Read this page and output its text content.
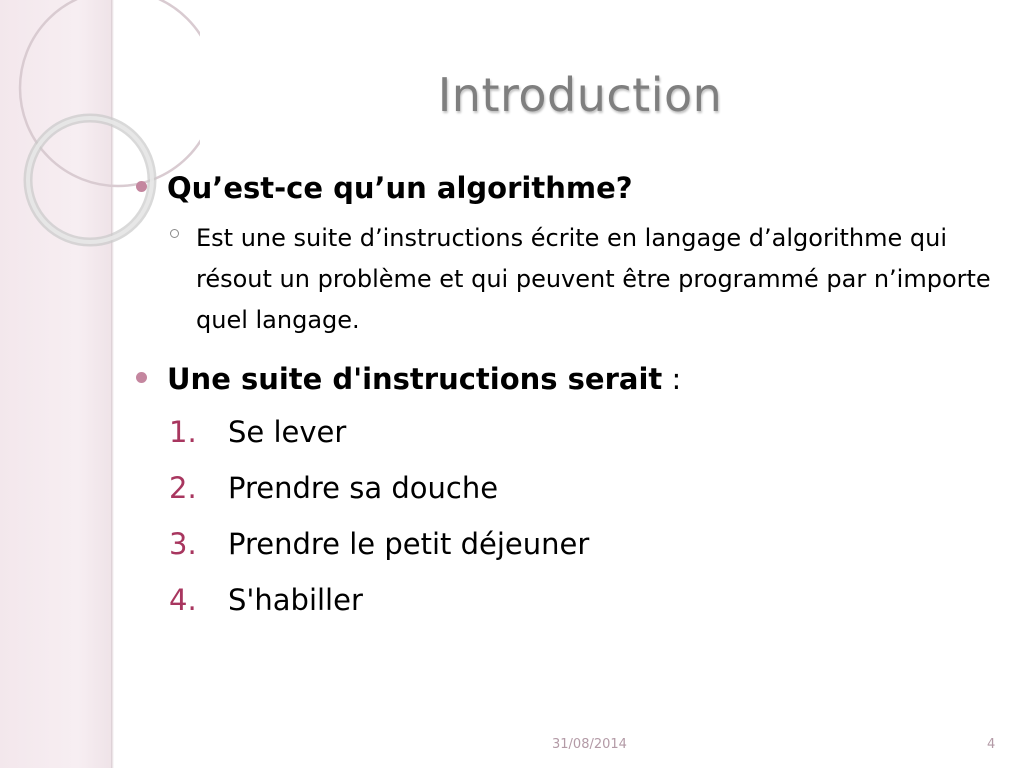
Introduction
Qu’est-ce qu’un algorithme?
Est une suite d’instructions écrite en langage d’algorithme qui résout un problème et qui peuvent être programmé par n’importe quel langage.
Une suite d'instructions serait :
1.	Se lever
2.	Prendre sa douche
3.	Prendre le petit déjeuner
4.	S'habiller
31/08/2014	4
